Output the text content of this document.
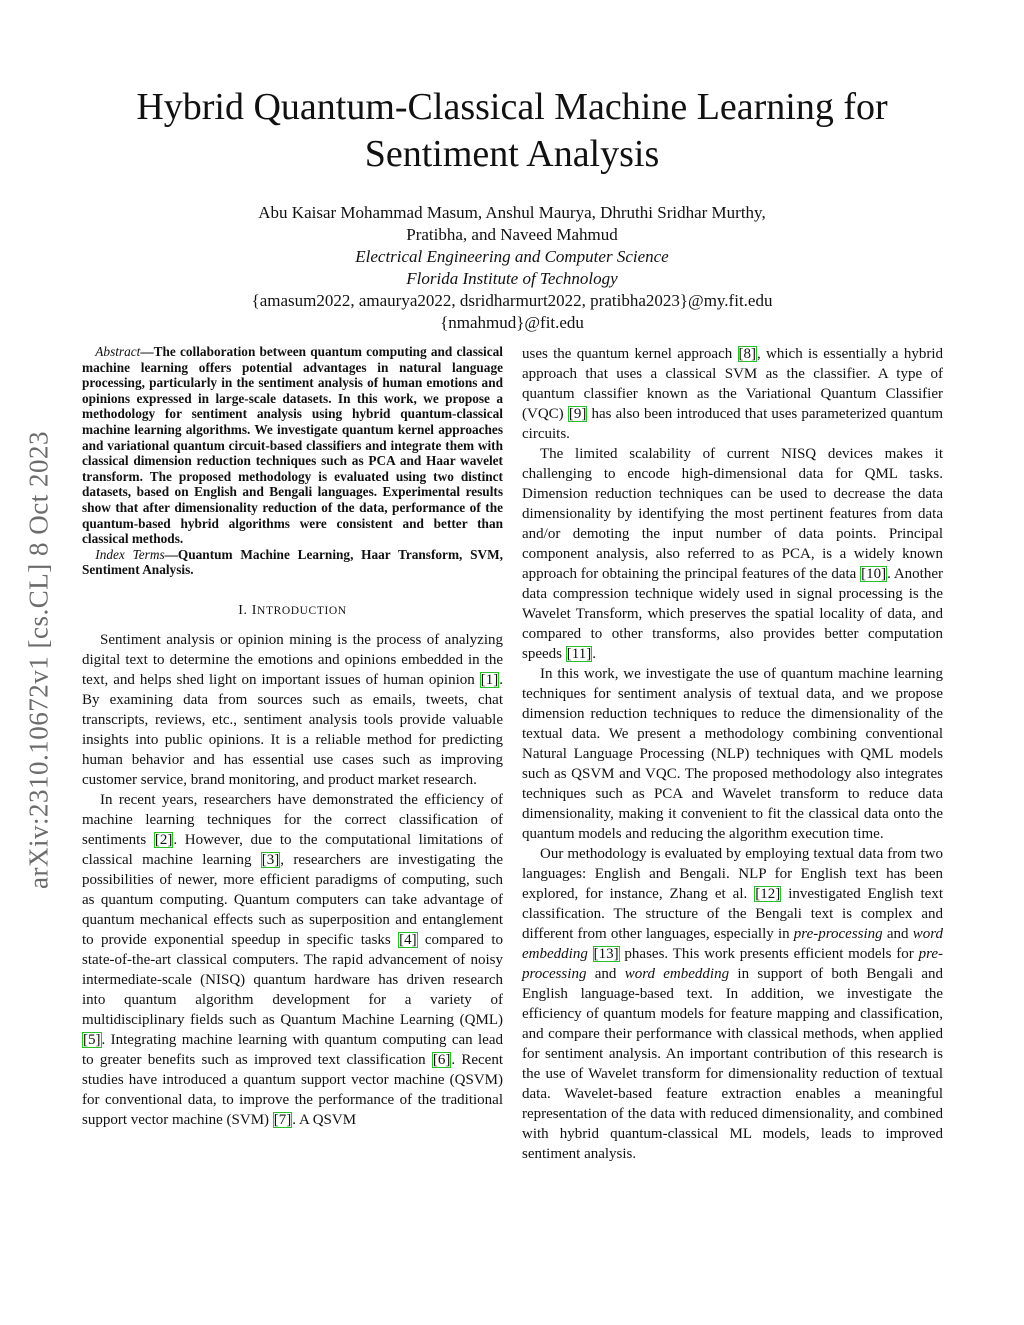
arXiv:2310.10672v1 [cs.CL] 8 Oct 2023
Hybrid Quantum-Classical Machine Learning for Sentiment Analysis
Abu Kaisar Mohammad Masum, Anshul Maurya, Dhruthi Sridhar Murthy,
Pratibha, and Naveed Mahmud
Electrical Engineering and Computer Science
Florida Institute of Technology
{amasum2022, amaurya2022, dsridharmurt2022, pratibha2023}@my.fit.edu
{nmahmud}@fit.edu

Abstract—The collaboration between quantum computing and classical machine learning offers potential advantages in natural language processing, particularly in the sentiment analysis of human emotions and opinions expressed in large-scale datasets. In this work, we propose a methodology for sentiment analysis using hybrid quantum-classical machine learning algorithms. We investigate quantum kernel approaches and variational quantum circuit-based classifiers and integrate them with classical dimension reduction techniques such as PCA and Haar wavelet transform. The proposed methodology is evaluated using two distinct datasets, based on English and Bengali languages. Experimental results show that after dimensionality reduction of the data, performance of the quantum-based hybrid algorithms were consistent and better than classical methods.

Index Terms—Quantum Machine Learning, Haar Transform, SVM, Sentiment Analysis.

I. INTRODUCTION

Sentiment analysis or opinion mining is the process of analyzing digital text to determine the emotions and opinions embedded in the text, and helps shed light on important issues of human opinion [1]. By examining data from sources such as emails, tweets, chat transcripts, reviews, etc., sentiment analysis tools provide valuable insights into public opinions. It is a reliable method for predicting human behavior and has essential use cases such as improving customer service, brand monitoring, and product market research.

In recent years, researchers have demonstrated the efficiency of machine learning techniques for the correct classification of sentiments [2]. However, due to the computational limitations of classical machine learning [3], researchers are investigating the possibilities of newer, more efficient paradigms of computing, such as quantum computing. Quantum computers can take advantage of quantum mechanical effects such as superposition and entanglement to provide exponential speedup in specific tasks [4] compared to state-of-the-art classical computers. The rapid advancement of noisy intermediate-scale (NISQ) quantum hardware has driven research into quantum algorithm development for a variety of multidisciplinary fields such as Quantum Machine Learning (QML) [5]. Integrating machine learning with quantum computing can lead to greater benefits such as improved text classification [6]. Recent studies have introduced a quantum support vector machine (QSVM) for conventional data, to improve the performance of the traditional support vector machine (SVM) [7]. A QSVM

uses the quantum kernel approach [8], which is essentially a hybrid approach that uses a classical SVM as the classifier. A type of quantum classifier known as the Variational Quantum Classifier (VQC) [9] has also been introduced that uses parameterized quantum circuits.

The limited scalability of current NISQ devices makes it challenging to encode high-dimensional data for QML tasks. Dimension reduction techniques can be used to decrease the data dimensionality by identifying the most pertinent features from data and/or demoting the input number of data points. Principal component analysis, also referred to as PCA, is a widely known approach for obtaining the principal features of the data [10]. Another data compression technique widely used in signal processing is the Wavelet Transform, which preserves the spatial locality of data, and compared to other transforms, also provides better computation speeds [11].

In this work, we investigate the use of quantum machine learning techniques for sentiment analysis of textual data, and we propose dimension reduction techniques to reduce the dimensionality of the textual data. We present a methodology combining conventional Natural Language Processing (NLP) techniques with QML models such as QSVM and VQC. The proposed methodology also integrates techniques such as PCA and Wavelet transform to reduce data dimensionality, making it convenient to fit the classical data onto the quantum models and reducing the algorithm execution time.

Our methodology is evaluated by employing textual data from two languages: English and Bengali. NLP for English text has been explored, for instance, Zhang et al. [12] investigated English text classification. The structure of the Bengali text is complex and different from other languages, especially in pre-processing and word embedding [13] phases. This work presents efficient models for pre-processing and word embedding in support of both Bengali and English language-based text. In addition, we investigate the efficiency of quantum models for feature mapping and classification, and compare their performance with classical methods, when applied for sentiment analysis. An important contribution of this research is the use of Wavelet transform for dimensionality reduction of textual data. Wavelet-based feature extraction enables a meaningful representation of the data with reduced dimensionality, and combined with hybrid quantum-classical ML models, leads to improved sentiment analysis.
